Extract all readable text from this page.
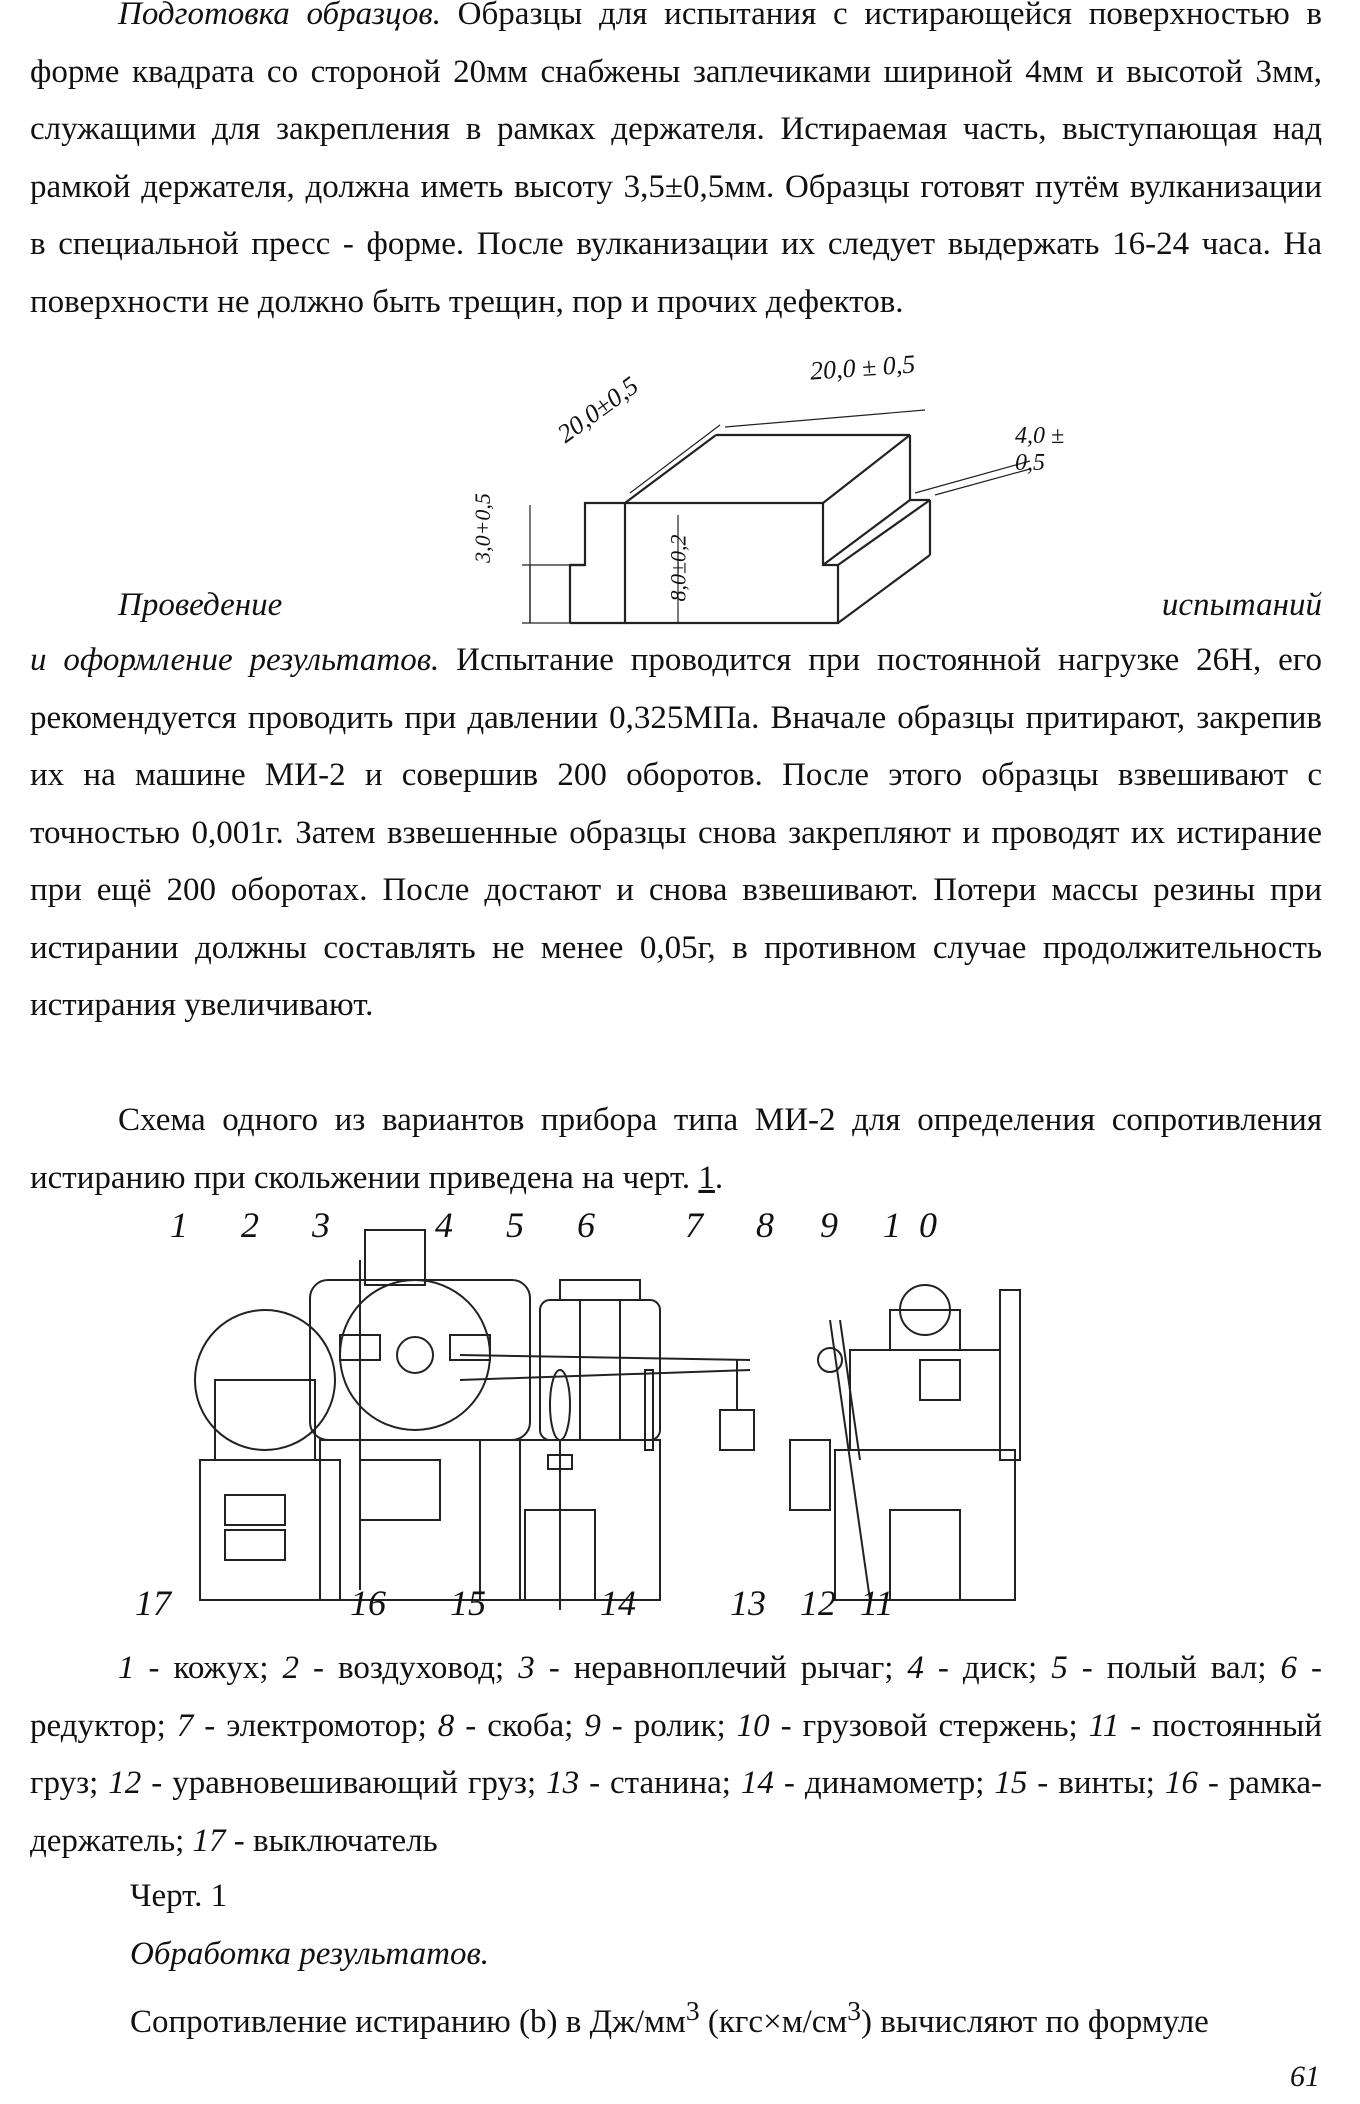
Подготовка образцов. Образцы для испытания с истирающейся поверхностью в форме квадрата со стороной 20мм снабжены заплечиками шириной 4мм и высотой 3мм, служащими для закрепления в рамках держателя. Истираемая часть, выступающая над рамкой держателя, должна иметь высоту 3,5±0,5мм. Образцы готовят путём вулканизации в специальной пресс - форме. После вулканизации их следует выдержать 16-24 часа. На поверхности не должно быть трещин, пор и прочих дефектов.

20,0 ± 0,5
20,0±0,5	4,0 ± 0,5
3,0+0,5
8,0±0,2
Проведение	испытаний

и оформление результатов. Испытание проводится при постоянной нагрузке 26Н, его рекомендуется проводить при давлении 0,325МПа. Вначале образцы притирают, закрепив их на машине МИ-2 и совершив 200 оборотов. После этого образцы взвешивают с точностью 0,001г. Затем взвешенные образцы снова закрепляют и проводят их истирание при ещё 200 оборотах. После достают и снова взвешивают. Потери массы резины при истирании должны составлять не менее 0,05г, в противном случае продолжительность истирания увеличивают.

Схема одного из вариантов прибора типа МИ-2 для определения сопротивления истиранию при скольжении приведена на черт. 1.

1 2 3 4 5 6 7 8 9 10
17	16 15	14	13 12 11

1 - кожух; 2 - воздуховод; 3 - неравноплечий рычаг; 4 - диск; 5 - полый вал; 6 - редуктор; 7 - электромотор; 8 - скоба; 9 - ролик; 10 - грузовой стержень; 11 - постоянный груз; 12 - уравновешивающий груз; 13 - станина; 14 - динамометр; 15 - винты; 16 - рамка-держатель; 17 - выключатель

Черт. 1
Обработка результатов.
Сопротивление истиранию (b) в $Дж/мм^3$ $(кгс\times м/см^3)$ вычисляют по формуле
61
